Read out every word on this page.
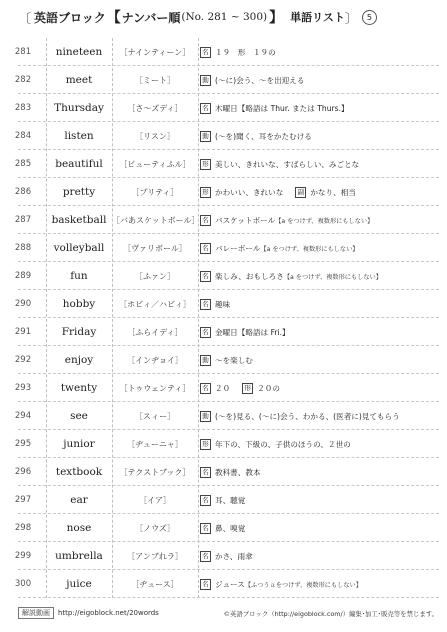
〔 英語ブロック 【 ナンバー順 (No. 281 ~ 300) 】 単語リスト 〕	5
281	nineteen	［ナインティーン］	名 １９　形　１９の
282	meet	［ミート］	動 (～に)会う、～を出迎える
283	Thursday	［さ～ズディ］	名 木曜日【略語は Thur. または Thurs.】
284	listen	［リスン］	動 (～を)聞く、耳をかたむける
285	beautiful	［ビューティふル］	形 美しい、きれいな、すばらしい、みごとな
286	pretty	［プリティ］	形 かわいい、きれいな	副 かなり、相当
287	basketball ［バあスケットボール］ 名 バスケットボール 【a をつけず、複数形にもしない】
288	volleyball	［ヴァリボール］	名 バレーボール 【a をつけず、複数形にもしない】
289	fun	［ふァン］	名 楽しみ、おもしろさ 【a をつけず、複数形にもしない】
290	hobby	［ホビィ／ハビィ］	名 趣味
291	Friday	［ふらイディ］	名 金曜日【略語は Fri.】
292	enjoy	［インヂョイ］	動 ～を楽しむ
293	twenty	［トゥウェンティ］	名 ２０	形 ２０の
294	see	［スィー］	動 (～を)見る、(～に)会う、わかる、(医者に)見てもらう
295	junior	［ヂューニャ］	形 年下の、下級の、子供のほうの、２世の
296	textbook	［テクストブック］	名 教科書、教本
297	ear	［イア］	名 耳、聴覚
298	nose	［ノウズ］	名 鼻、嗅覚
299	umbrella	［アンブれラ］	名 かさ、雨傘
300	juice	［ヂュース］	名 ジュース 【ふつうａをつけず、複数形にもしない】
解説動画	http://eigoblock.net/20words	©英語ブロック（http://eigoblock.com/）編集･加工･販売等を禁じます。
